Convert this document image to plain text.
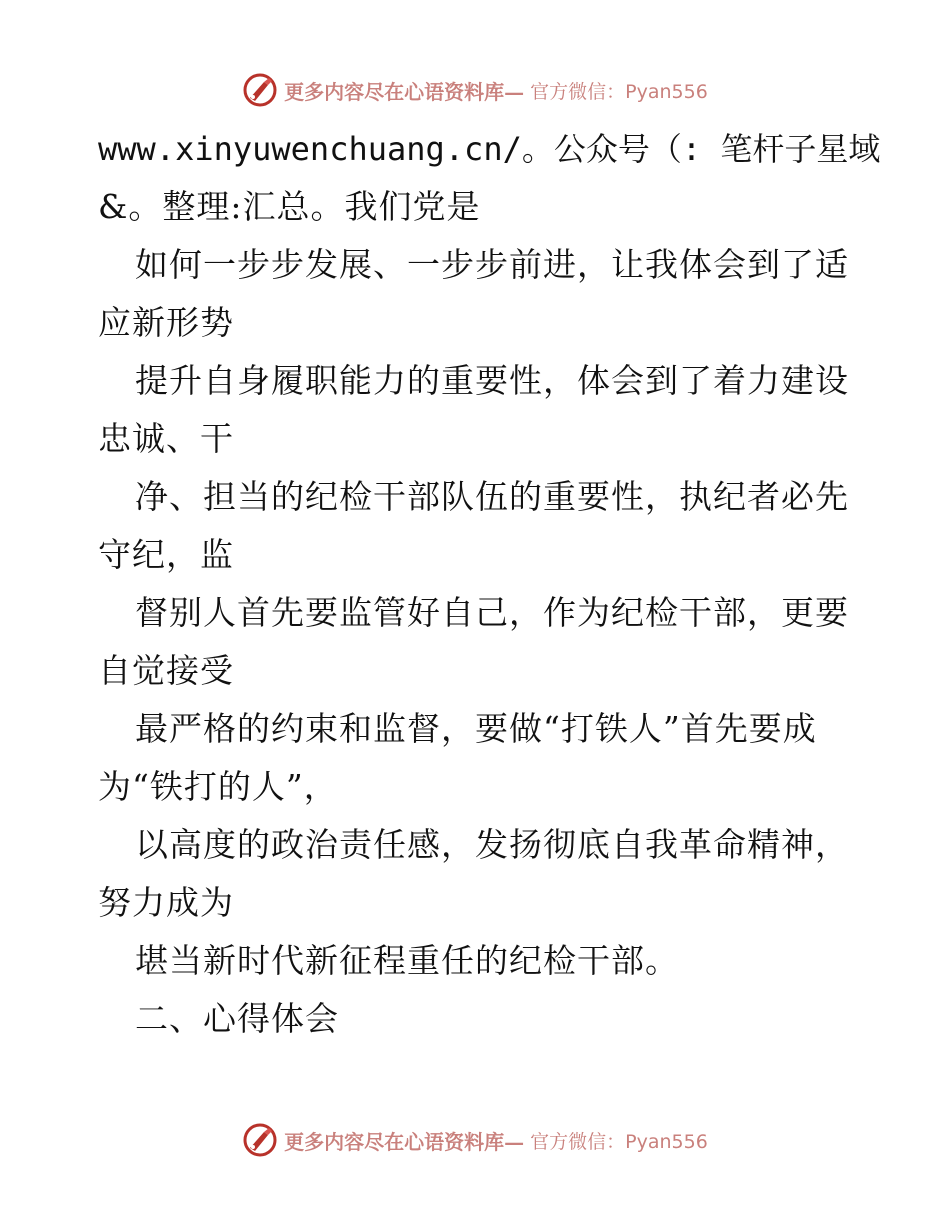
更多内容尽在心语资料库— 官方微信：Pyan556
www.xinyuwenchuang.cn/。公众号（: 笔杆子星域
&。整理:汇总。我们党是
如何一步步发展、一步步前进，让我体会到了适
应新形势
提升自身履职能力的重要性，体会到了着力建设
忠诚、干
净、担当的纪检干部队伍的重要性，执纪者必先
守纪，监
督别人首先要监管好自己，作为纪检干部，更要
自觉接受
最严格的约束和监督，要做“打铁人”首先要成
为“铁打的人”，
以高度的政治责任感，发扬彻底自我革命精神，
努力成为
堪当新时代新征程重任的纪检干部。
二、心得体会
更多内容尽在心语资料库— 官方微信：Pyan556
